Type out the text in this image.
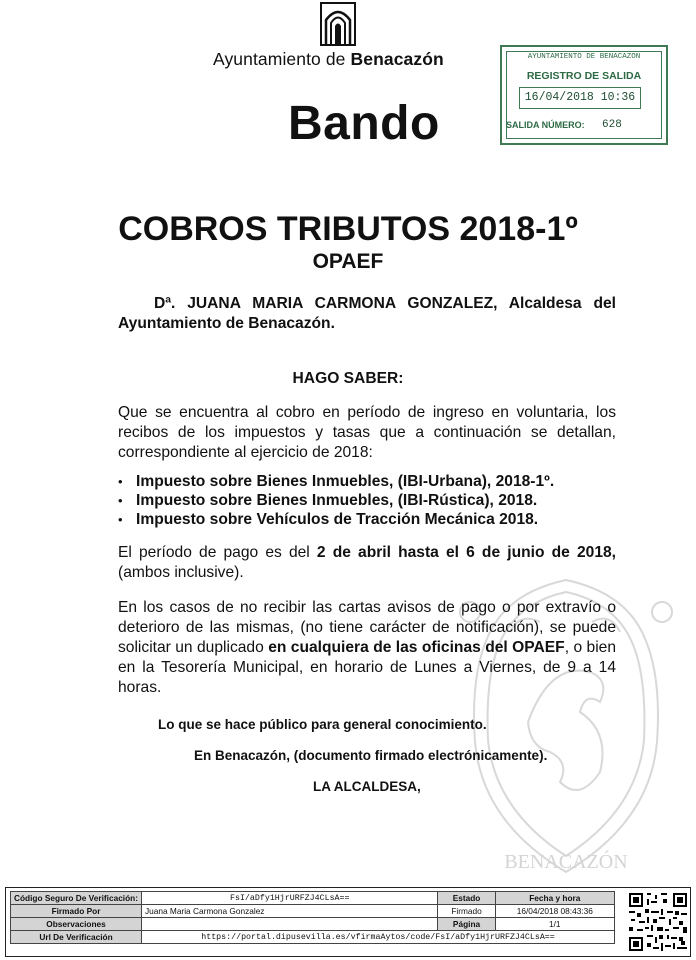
Ayuntamiento de Benacazón
Bando
AYUNTAMIENTO DE BENACAZON
REGISTRO DE SALIDA
16/04/2018 10:36
SALIDA NÚMERO: 628
BENACAZÓN
COBROS TRIBUTOS 2018-1º
OPAEF
Dª. JUANA MARIA CARMONA GONZALEZ, Alcaldesa del Ayuntamiento de Benacazón.
HAGO SABER:
Que se encuentra al cobro en período de ingreso en voluntaria, los recibos de los impuestos y tasas que a continuación se detallan, correspondiente al ejercicio de 2018:
• Impuesto sobre Bienes Inmuebles, (IBI-Urbana), 2018-1º.
• Impuesto sobre Bienes Inmuebles, (IBI-Rústica), 2018.
• Impuesto sobre Vehículos de Tracción Mecánica 2018.
El período de pago es del 2 de abril hasta el 6 de junio de 2018, (ambos inclusive).
En los casos de no recibir las cartas avisos de pago o por extravío o deterioro de las mismas, (no tiene carácter de notificación), se puede solicitar un duplicado en cualquiera de las oficinas del OPAEF, o bien en la Tesorería Municipal, en horario de Lunes a Viernes, de 9 a 14 horas.
Lo que se hace público para general conocimiento.
En Benacazón, (documento firmado electrónicamente).
LA ALCALDESA,
Código Seguro De Verificación:	FsI/aDfy1HjrURFZJ4CLsA==	Estado	Fecha y hora
Firmado Por	Juana Maria Carmona Gonzalez	Firmado	16/04/2018 08:43:36
Observaciones		Página	1/1
Url De Verificación	https://portal.dipusevilla.es/vfirmaAytos/code/FsI/aDfy1HjrURFZJ4CLsA==		
